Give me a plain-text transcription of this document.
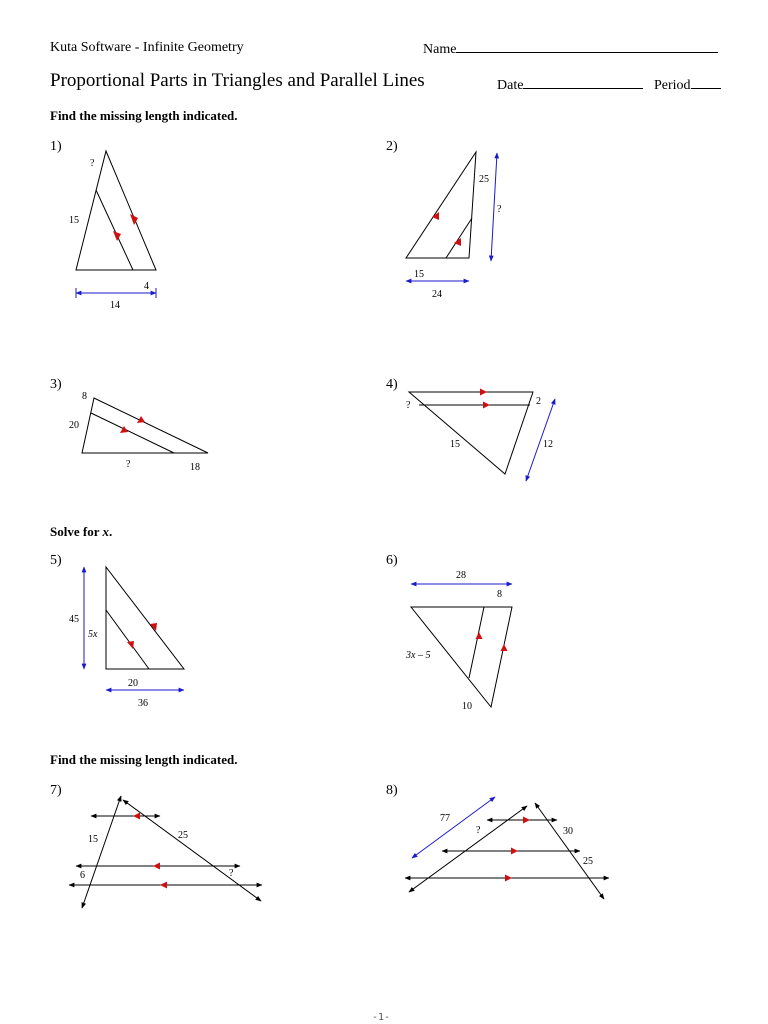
Kuta Software - Infinite Geometry	Name
Proportional Parts in Triangles and Parallel Lines	Date	Period
Find the missing length indicated.
Solve for x.
Find the missing length indicated.
1)	2)
3)	4)
5)	6)
7)	8)
?
15
4
14
25
?
15
24
8
20
?	18
?	2
15	12
45
5x
20
36
28
8
3x – 5
10
15	25
6	?
77
?	30
25
-1-
